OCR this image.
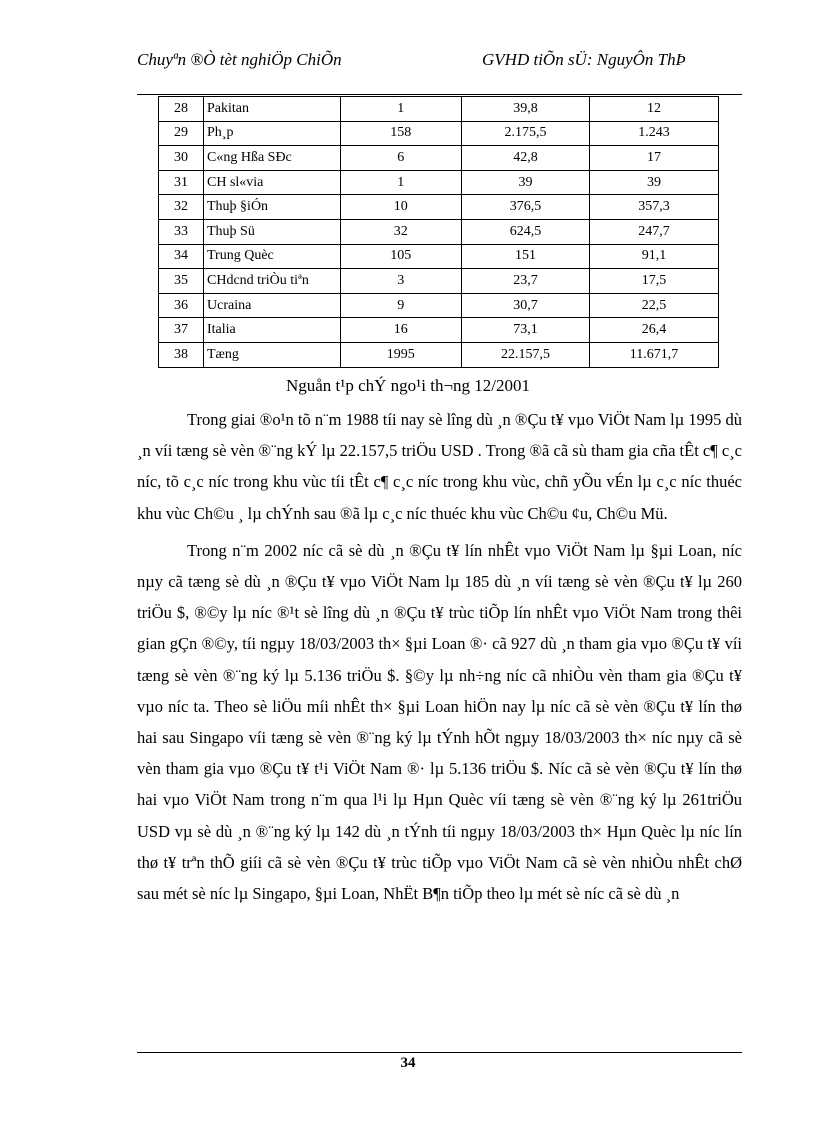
Chuyªn ®Ò tèt nghiÖp ChiÕn	GVHD tiÕn sÜ: NguyÔn ThÞ
28	Pakitan	1	39,8	12
29	Ph¸p	158	2.175,5	1.243
30	C«ng Hßa SÐc	6	42,8	17
31	CH sl«via	1	39	39
32	Thuþ §iÓn	10	376,5	357,3
33	Thuþ Sü	32	624,5	247,7
34	Trung Quèc	105	151	91,1
35	CHdcnd triÒu tiªn	3	23,7	17,5
36	Ucraina	9	30,7	22,5
37	Italia	16	73,1	26,4
38	Tæng	1995	22.157,5	11.671,7
Nguån t¹p chÝ ngo¹i th¬ng 12/2001

Trong giai ®o¹n tõ n¨m 1988 tíi nay sè lîng dù ¸n ®Çu t¥ vµo ViÖt Nam lµ 1995 dù ¸n víi tæng sè vèn ®¨ng kÝ lµ 22.157,5 triÖu USD . Trong ®ã cã sù tham gia cña tÊt c¶ c¸c níc, tõ c¸c níc trong khu vùc tíi tÊt c¶ c¸c níc trong khu vùc, chñ yÕu vÉn lµ c¸c níc thuéc khu vùc Ch©u ¸ lµ chÝnh sau ®ã lµ c¸c níc thuéc khu vùc Ch©u ¢u, Ch©u Mü.

Trong n¨m 2002 níc cã sè dù ¸n ®Çu t¥ lín nhÊt vµo ViÖt Nam lµ §µi Loan, níc nµy cã tæng sè dù ¸n ®Çu t¥ vµo ViÖt Nam lµ 185 dù ¸n víi tæng sè vèn ®Çu t¥ lµ 260 triÖu $, ®©y lµ níc ®¹t sè lîng dù ¸n ®Çu t¥ trùc tiÕp lín nhÊt vµo ViÖt Nam trong thêi gian gÇn ®©y, tíi ngµy 18/03/2003 th× §µi Loan ®· cã 927 dù ¸n tham gia vµo ®Çu t¥ víi tæng sè vèn ®¨ng ký lµ 5.136 triÖu $. §©y lµ nh÷ng níc cã nhiÒu vèn tham gia ®Çu t¥ vµo níc ta. Theo sè liÖu míi nhÊt th× §µi Loan hiÖn nay lµ níc cã sè vèn ®Çu t¥ lín thø hai sau Singapo víi tæng sè vèn ®¨ng ký lµ tÝnh hÕt ngµy 18/03/2003 th× níc nµy cã sè vèn tham gia vµo ®Çu t¥ t¹i ViÖt Nam ®· lµ 5.136 triÖu $. Níc cã sè vèn ®Çu t¥ lín thø hai vµo ViÖt Nam trong n¨m qua l¹i lµ Hµn Quèc víi tæng sè vèn ®¨ng ký lµ 261triÖu USD vµ sè dù ¸n ®¨ng ký lµ 142 dù ¸n tÝnh tíi ngµy 18/03/2003 th× Hµn Quèc lµ níc lín thø t¥ trªn thÕ giíi cã sè vèn ®Çu t¥ trùc tiÕp vµo ViÖt Nam cã sè vèn nhiÒu nhÊt chØ sau mét sè níc lµ Singapo, §µi Loan, NhËt B¶n tiÕp theo lµ mét sè níc cã sè dù ¸n

34
